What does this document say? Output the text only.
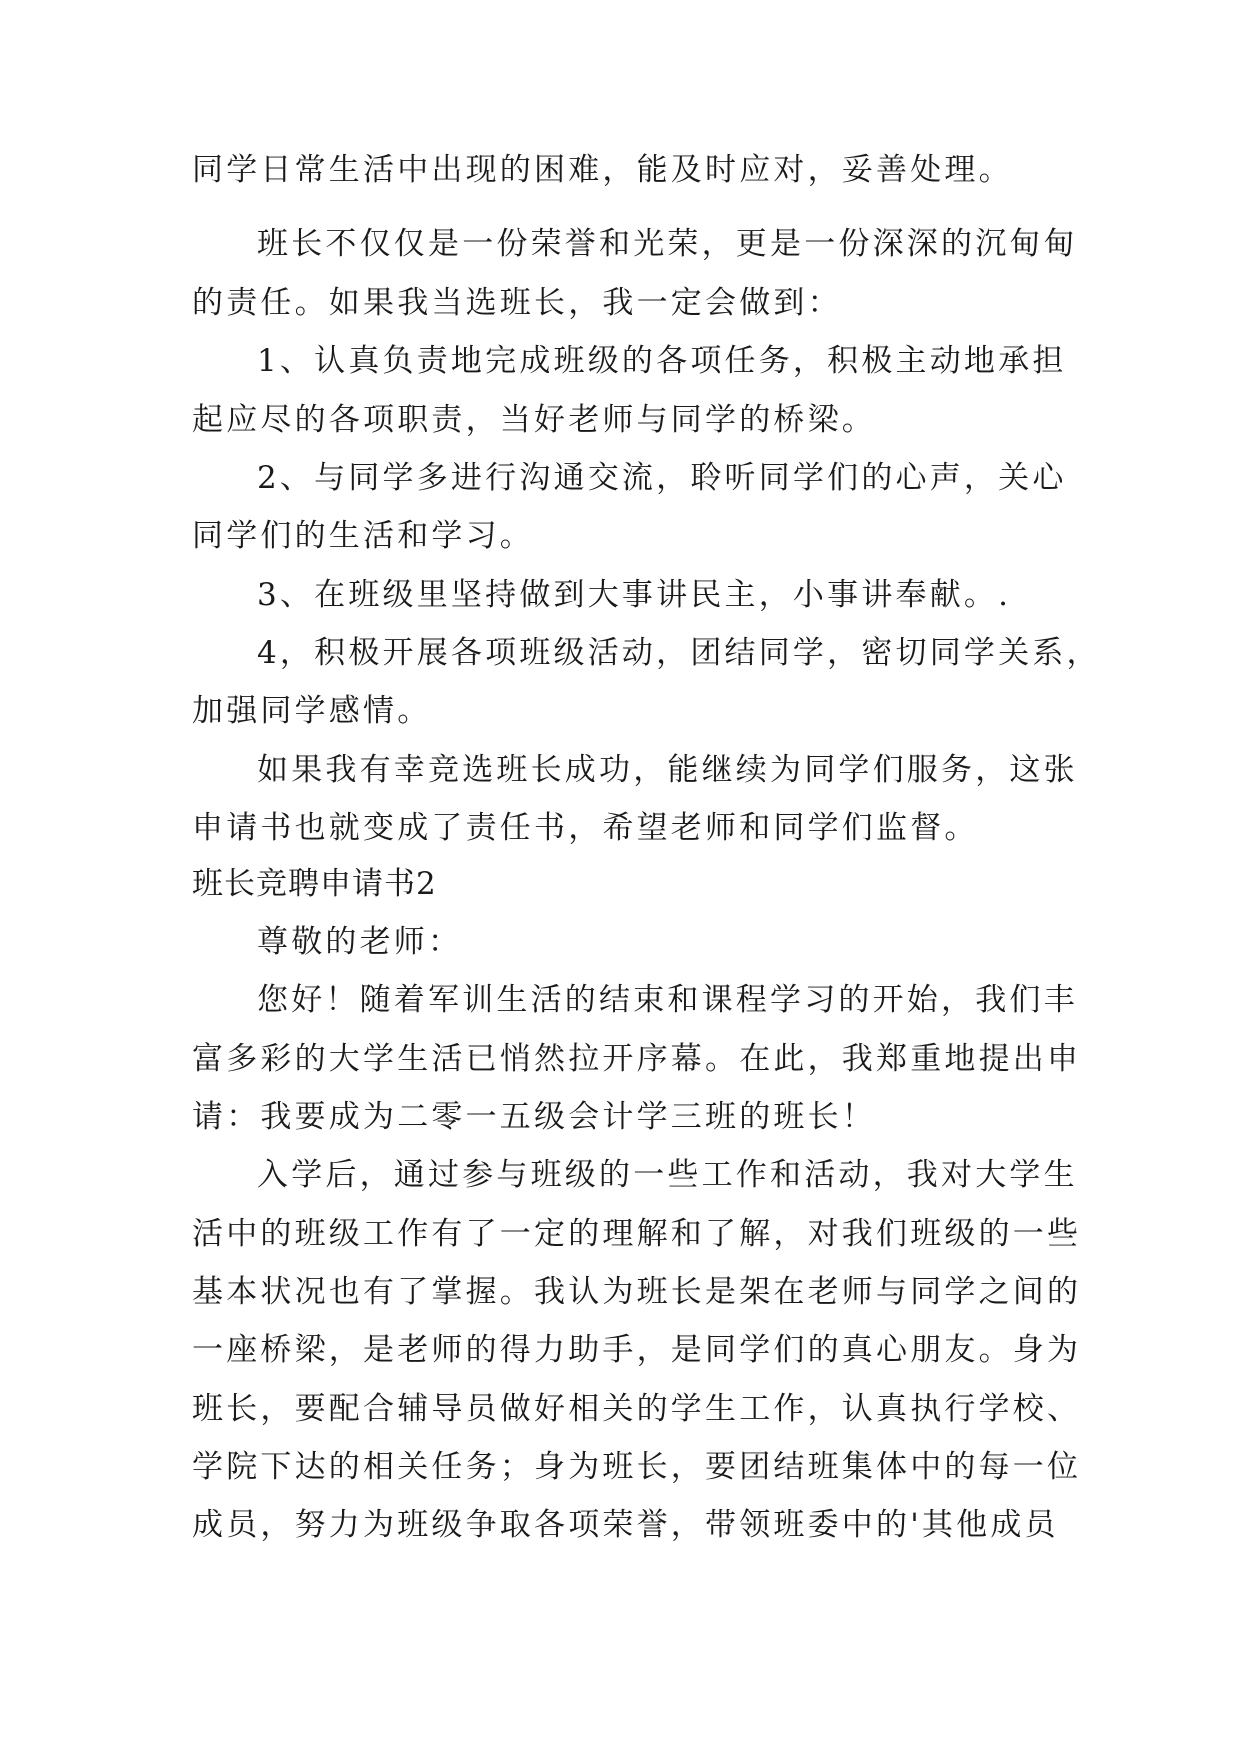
同学日常生活中出现的困难，能及时应对，妥善处理。
班长不仅仅是一份荣誉和光荣，更是一份深深的沉甸甸
的责任。如果我当选班长，我一定会做到：
1、认真负责地完成班级的各项任务，积极主动地承担
起应尽的各项职责，当好老师与同学的桥梁。
2、与同学多进行沟通交流，聆听同学们的心声，关心
同学们的生活和学习。
3、在班级里坚持做到大事讲民主，小事讲奉献。.
4，积极开展各项班级活动，团结同学，密切同学关系，
加强同学感情。
如果我有幸竞选班长成功，能继续为同学们服务，这张
申请书也就变成了责任书，希望老师和同学们监督。
班长竞聘申请书2
尊敬的老师：
您好！随着军训生活的结束和课程学习的开始，我们丰
富多彩的大学生活已悄然拉开序幕。在此，我郑重地提出申
请：我要成为二零一五级会计学三班的班长！
入学后，通过参与班级的一些工作和活动，我对大学生
活中的班级工作有了一定的理解和了解，对我们班级的一些
基本状况也有了掌握。我认为班长是架在老师与同学之间的
一座桥梁，是老师的得力助手，是同学们的真心朋友。身为
班长，要配合辅导员做好相关的学生工作，认真执行学校、
学院下达的相关任务；身为班长，要团结班集体中的每一位
成员，努力为班级争取各项荣誉，带领班委中的'其他成员
